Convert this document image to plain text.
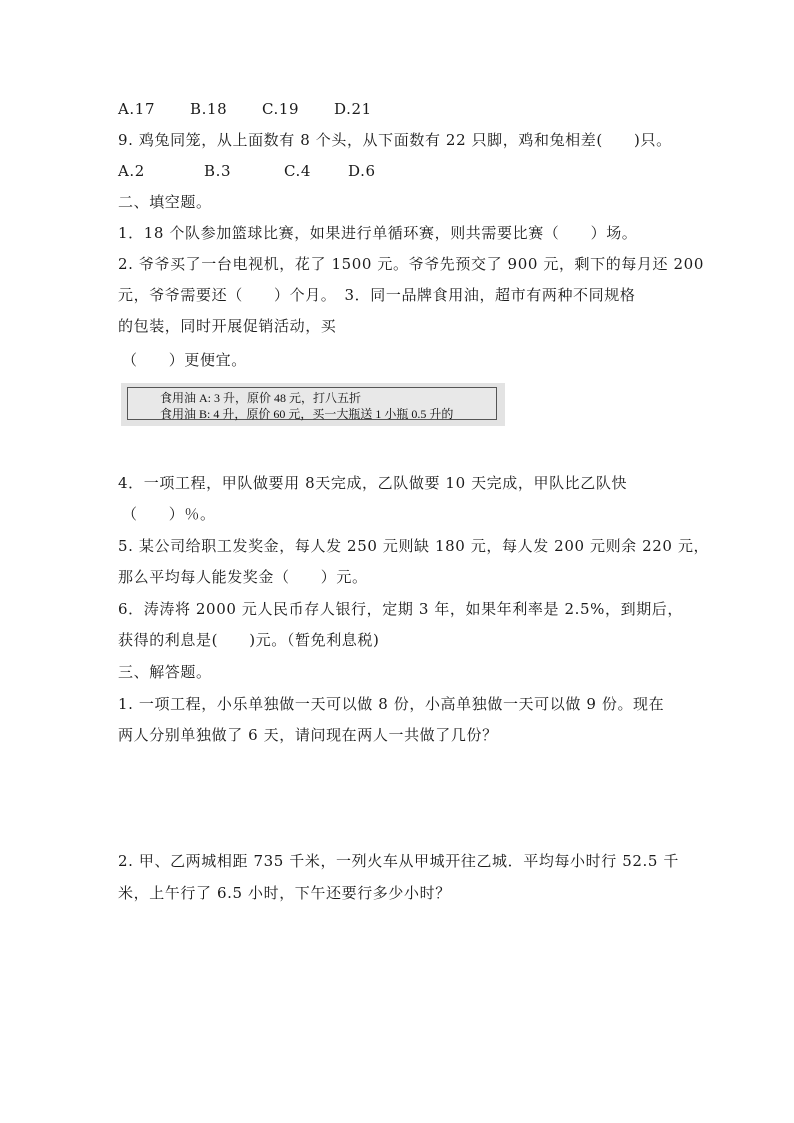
A.17 B.18 C.19 D.21
9. 鸡兔同笼，从上面数有 8 个头，从下面数有 22 只脚，鸡和兔相差(　　)只。
A.2	B.3	C.4 D.6
二、填空题。
1．18 个队参加篮球比赛，如果进行单循环赛，则共需要比赛（　　）场。
2. 爷爷买了一台电视机，花了 1500 元。爷爷先预交了 900 元，剩下的每月还 200
元，爷爷需要还（　　）个月。　3．同一品牌食用油，超市有两种不同规格
的包装，同时开展促销活动，买
（　　）更便宜。
食用油 A: 3 升，原价 48 元，打八五折
食用油 B: 4 升，原价 60 元，买一大瓶送 1 小瓶 0.5 升的
4．一项工程，甲队做要用 8天完成，乙队做要 10 天完成，甲队比乙队快
（　　）％。
5. 某公司给职工发奖金，每人发 250 元则缺 180 元，每人发 200 元则余 220 元，
那么平均每人能发奖金（　　）元。
6．涛涛将 2000 元人民币存人银行，定期 3 年，如果年利率是 2.5%，到期后，
获得的利息是(　　)元。（暂免利息税)
三、解答题。
1. 一项工程，小乐单独做一天可以做 8 份，小高单独做一天可以做 9 份。现在
两人分别单独做了 6 天，请问现在两人一共做了几份？
2. 甲、乙两城相距 735 千米，一列火车从甲城开往乙城．平均每小时行 52.5 千
米，上午行了 6.5 小时，下午还要行多少小时？
